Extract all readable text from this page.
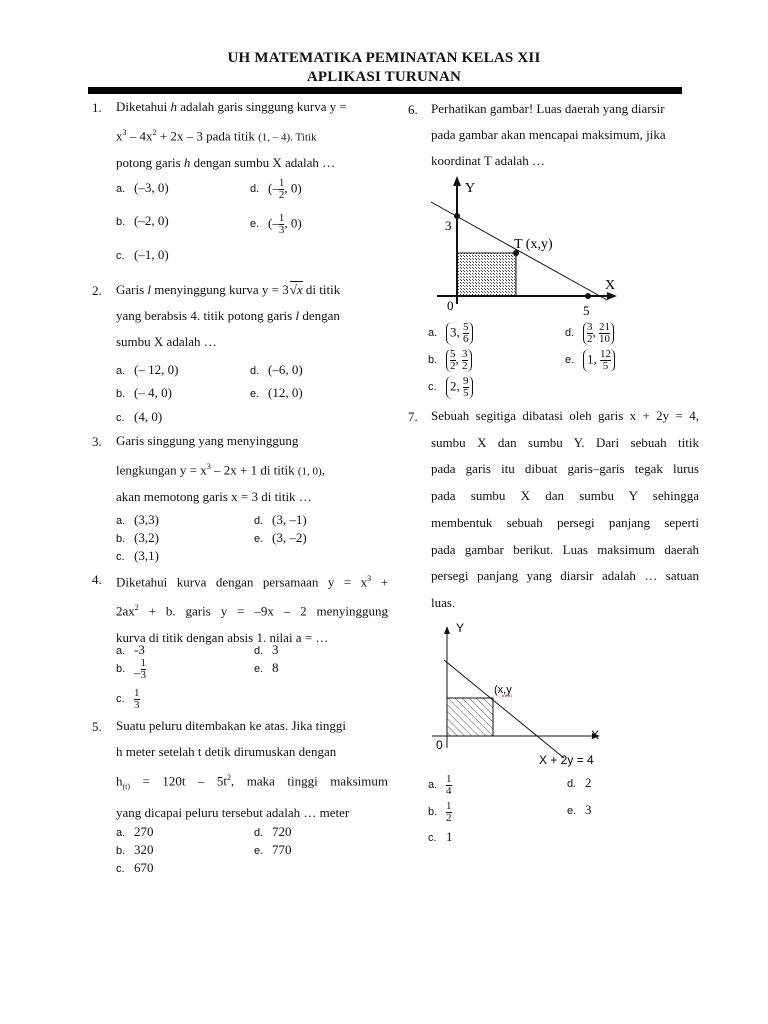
UH MATEMATIKA PEMINATAN KELAS XII
APLIKASI TURUNAN
1. Diketahui h adalah garis singgung kurva y =
$x^3 - 4x^2 + 2x - 3$ pada titik (1, – 4). Titik
potong garis h dengan sumbu X adalah …
a. (–3, 0)
b. (–2, 0)
c. (–1, 0)
d. (– $\frac{1}{2}$ , 0)
e. (– $\frac{1}{3}$ , 0)
2. Garis l menyinggung kurva y = 3√x di titik
yang berabsis 4. titik potong garis l dengan
sumbu X adalah …
a. (– 12, 0)
b. (– 4, 0)
c. (4, 0)
d. (–6, 0)
e. (12, 0)
3. Garis singgung yang menyinggung
lengkungan $y = x^3 - 2x + 1$ di titik (1, 0),
akan memotong garis x = 3 di titik …
a. (3,3)
b. (3,2)
c. (3,1)
d. (3, –1)
e. (3, –2)
4. Diketahui kurva dengan persamaan $y = x^3$ +
$2ax^2 + b$. garis y = –9x – 2 menyinggung
kurva di titik dengan absis 1. nilai a = …
a. -3
b. _ $\frac{1}{3}$
c. $\frac{1}{3}$
d. 3
e. 8
5. Suatu peluru ditembakan ke atas. Jika tinggi
h meter setelah t detik dirumuskan dengan
$h_{(t)} = 120t - 5t^2$, maka tinggi maksimum
yang dicapai peluru tersebut adalah … meter
a. 270
b. 320
c. 670
d. 720
e. 770
6. Perhatikan gambar! Luas daerah yang diarsir
pada gambar akan mencapai maksimum, jika
koordinat T adalah …
Y
X
3
5
0
T (x,y)
a. 3, $\frac{5}{6}$
b. $\frac{5}{2}$ , $\frac{3}{2}$
c. 2, $\frac{9}{5}$
d. $\frac{3}{2}$ , $\frac{21}{10}$
e. 1, $\frac{12}{5}$
7. Sebuah segitiga dibatasi oleh garis x + 2y = 4,
sumbu X dan sumbu Y. Dari sebuah titik
pada garis itu dibuat garis–garis tegak lurus
pada sumbu X dan sumbu Y sehingga
membentuk sebuah persegi panjang seperti
pada gambar berikut. Luas maksimum daerah
persegi panjang yang diarsir adalah … satuan
luas.
Y
X
0
(x,y
X + 2y = 4
a. $\frac{1}{4}$
b. $\frac{1}{2}$
c. 1
d. 2
e. 3
